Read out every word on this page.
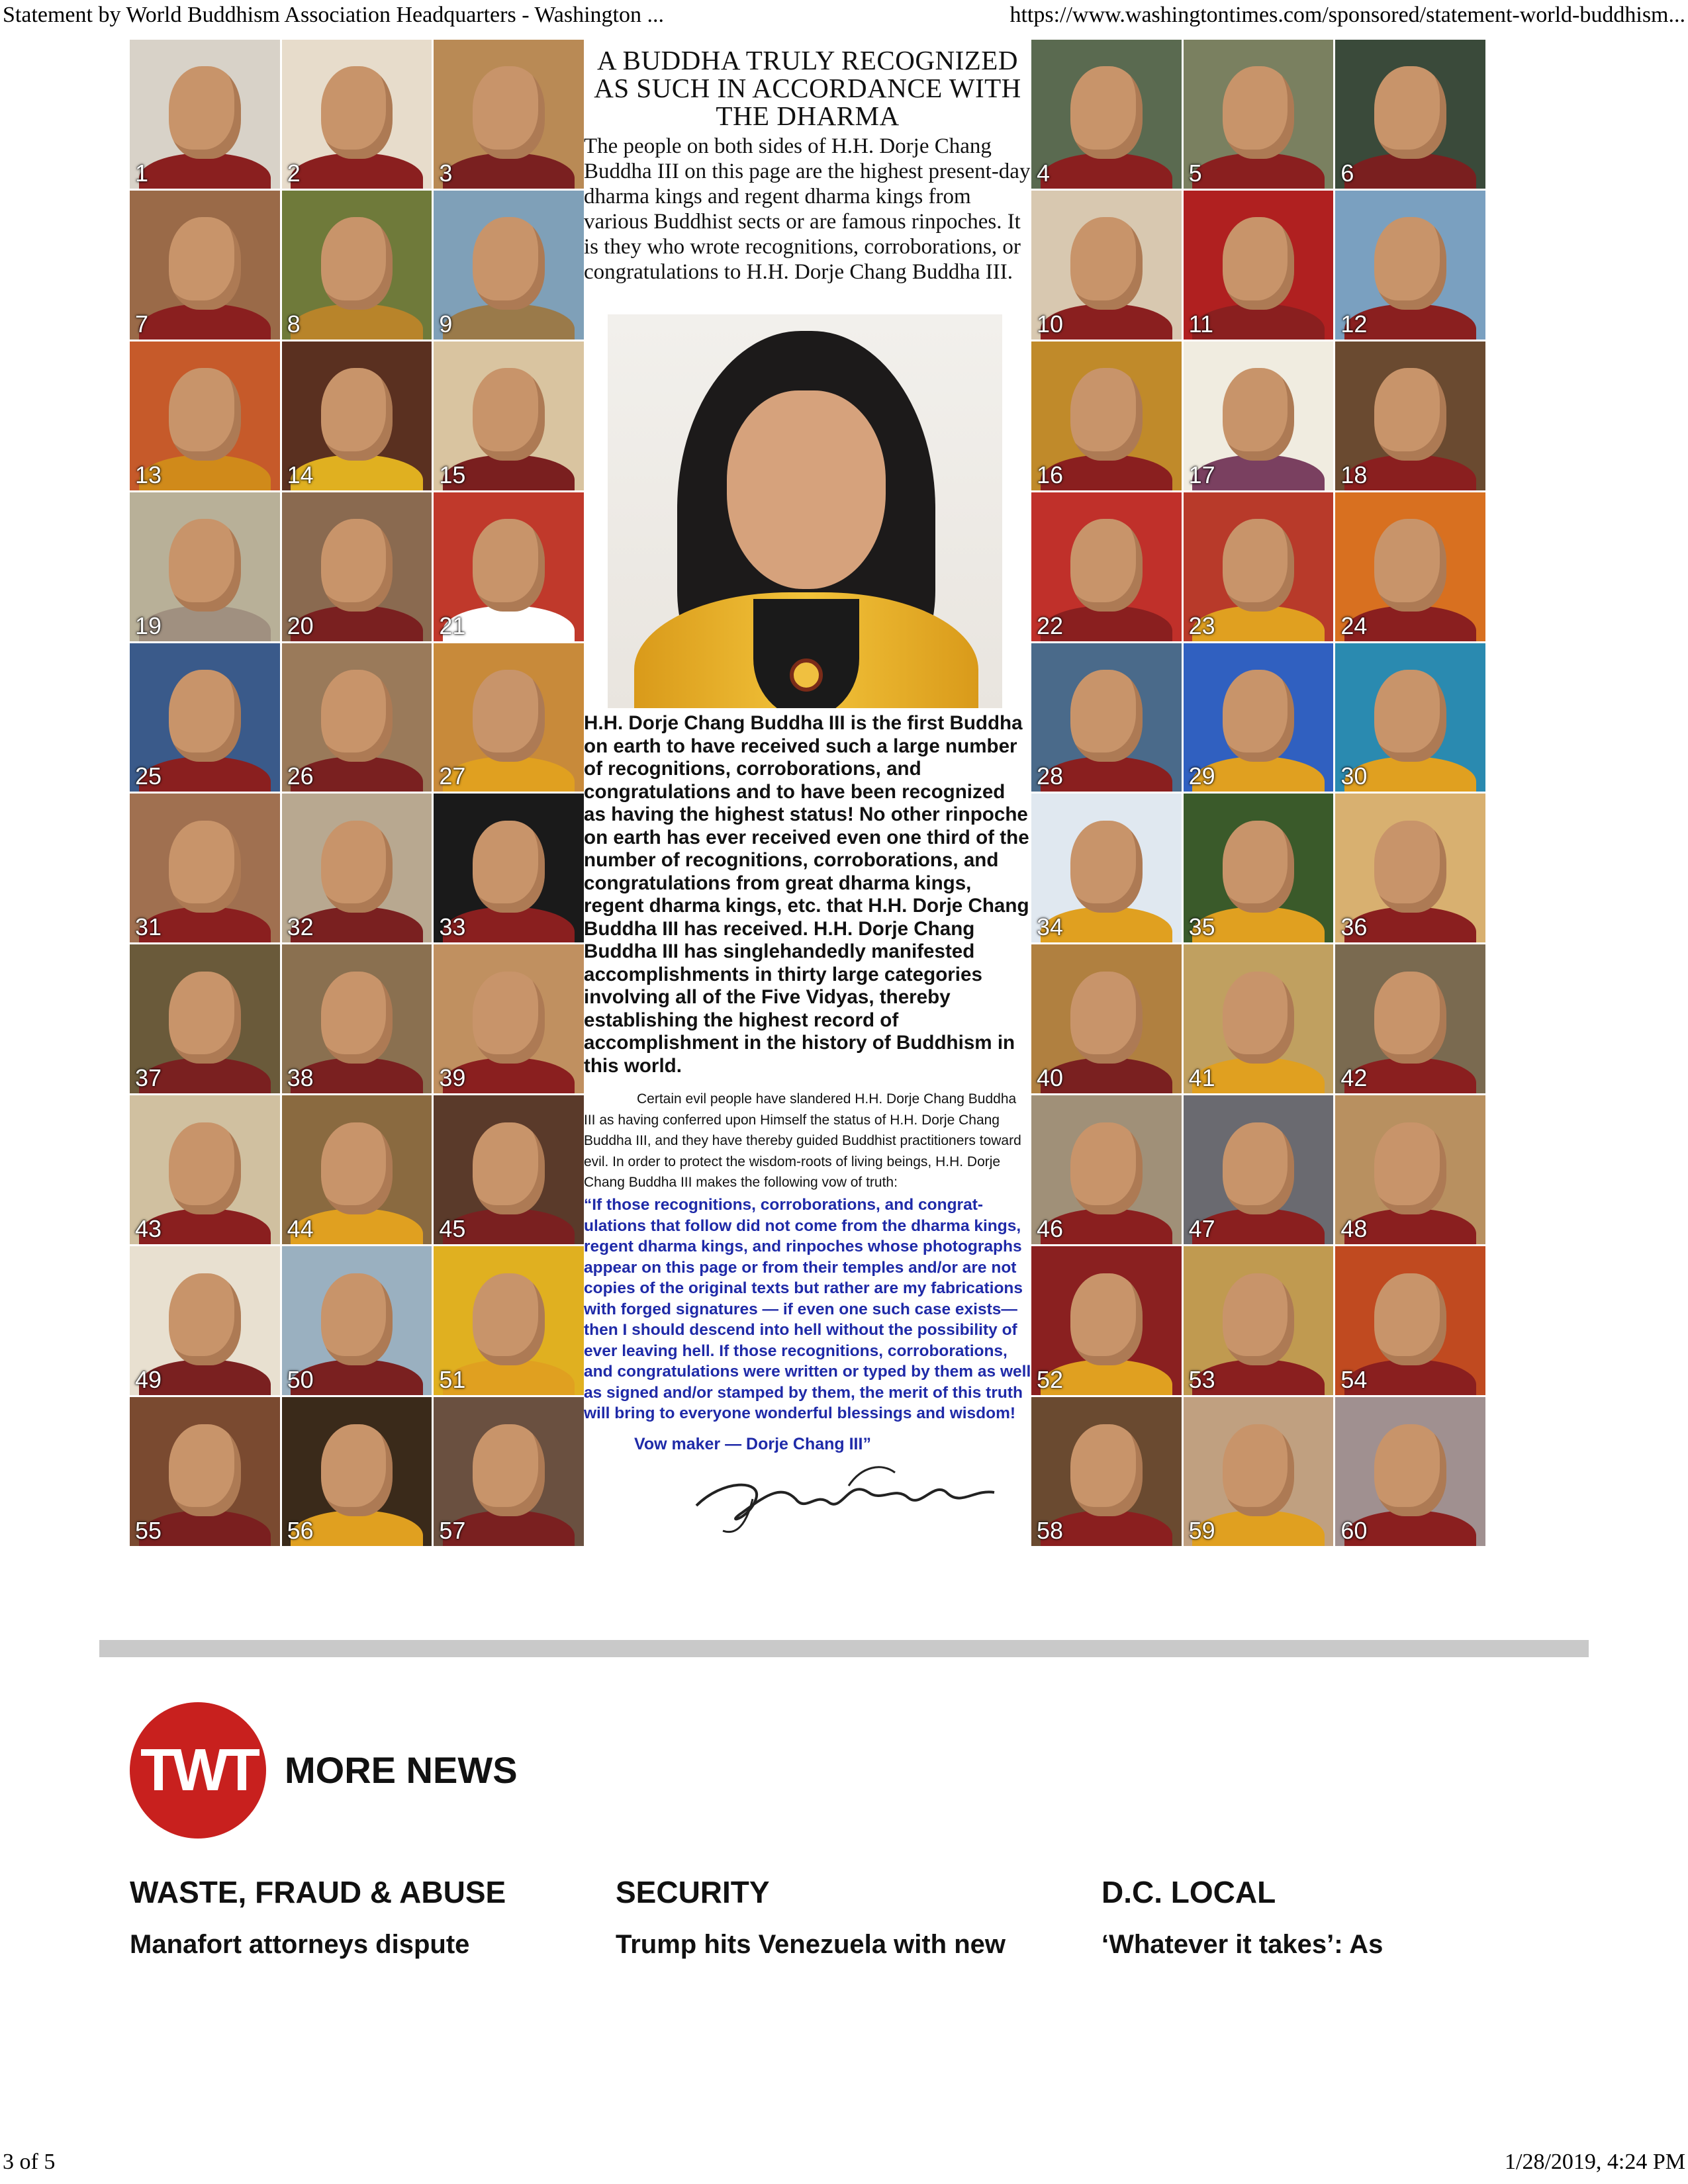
Statement by World Buddhism Association Headquarters - Washington ...	https://www.washingtontimes.com/sponsored/statement-world-buddhism...
1	2	3
7	8	9
13	14	15
19	20	21
25	26	27
31	32	33
37	38	39
43	44	45
49	50	51
55	56	57
A BUDDHA TRULY RECOGNIZED AS SUCH IN ACCORDANCE WITH THE DHARMA
The people on both sides of H.H. Dorje Chang Buddha III on this page are the highest present-day dharma kings and regent dharma kings from various Buddhist sects or are famous rinpoches. It is they who wrote recognitions, corroborations, or congratulations to H.H. Dorje Chang Buddha III.
H.H. Dorje Chang Buddha III is the first Buddha on earth to have received such a large number of recognitions, corroborations, and congratulations and to have been recognized as having the highest status! No other rinpoche on earth has ever received even one third of the number of recognitions, corroborations, and congratulations from great dharma kings, regent dharma kings, etc. that H.H. Dorje Chang Buddha III has received. H.H. Dorje Chang Buddha III has singlehandedly manifested accomplishments in thirty large categories involving all of the Five Vidyas, thereby establishing the highest record of accomplishment in the history of Buddhism in this world.
Certain evil people have slandered H.H. Dorje Chang Buddha III as having conferred upon Himself the status of H.H. Dorje Chang Buddha III, and they have thereby guided Buddhist practitioners toward evil. In order to protect the wisdom-roots of living beings, H.H. Dorje Chang Buddha III makes the following vow of truth:
“If those recognitions, corroborations, and congrat-ulations that follow did not come from the dharma kings, regent dharma kings, and rinpoches whose photographs appear on this page or from their temples and/or are not copies of the original texts but rather are my fabrications with forged signatures — if even one such case exists—then I should descend into hell without the possibility of ever leaving hell. If those recognitions, corroborations, and congratulations were written or typed by them as well as signed and/or stamped by them, the merit of this truth will bring to everyone wonderful blessings and wisdom!
Vow maker — Dorje Chang III”
4	5	6
10	11	12
16	17	18
22	23	24
28	29	30
34	35	36
40	41	42
46	47	48
52	53	54
58	59	60
TWT MORE NEWS
WASTE, FRAUD & ABUSE
Manafort attorneys dispute
SECURITY
Trump hits Venezuela with new
D.C. LOCAL
‘Whatever it takes’: As
3 of 5	1/28/2019, 4:24 PM
